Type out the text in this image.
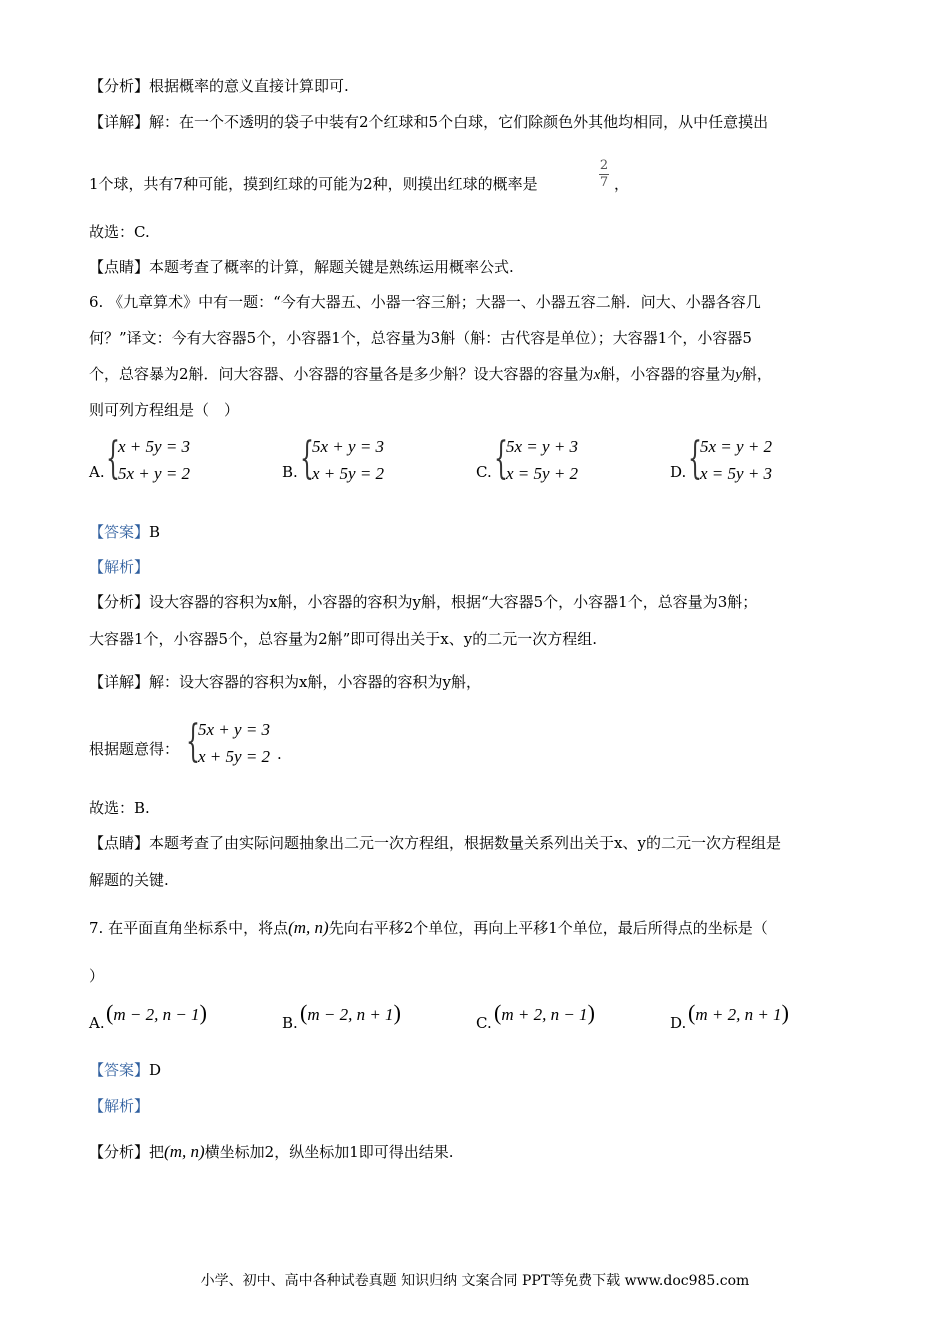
【分析】根据概率的意义直接计算即可.
【详解】解：在一个不透明的袋子中装有2个红球和5个白球，它们除颜色外其他均相同，从中任意摸出
1个球，共有7种可能，摸到红球的可能为2种，则摸出红球的概率是
2
7 ，
故选：C.
【点睛】本题考查了概率的计算，解题关键是熟练运用概率公式.
6. 《九章算术》中有一题：“今有大器五、小器一容三斛；大器一、小器五容二斛．问大、小器各容几
何？”译文：今有大容器5个，小容器1个，总容量为3斛（斛：古代容是单位）；大容器1个，小容器5
个，总容暴为2斛．问大容器、小容器的容量各是多少斛？设大容器的容量为x斛，小容器的容量为y斛，
则可列方程组是（　）
A. {
x + 5y = 3
5x + y = 2	B. {
5x + y = 3
x + 5y = 2	C. {
5x = y + 3
x = 5y + 2	D. {
5x = y + 2
x = 5y + 3
【答案】B
【解析】
【分析】设大容器的容积为x斛，小容器的容积为y斛，根据“大容器5个，小容器1个，总容量为3斛；
大容器1个，小容器5个，总容量为2斛”即可得出关于x、y的二元一次方程组.
【详解】解：设大容器的容积为x斛，小容器的容积为y斛，
根据题意得： {
5x + y = 3
x + 5y = 2 .
故选：B.
【点睛】本题考查了由实际问题抽象出二元一次方程组，根据数量关系列出关于x、y的二元一次方程组是
解题的关键.
7. 在平面直角坐标系中，将点(m, n)先向右平移2个单位，再向上平移1个单位，最后所得点的坐标是（
）
A. (m − 2, n − 1)	B. (m − 2, n + 1)	C. (m + 2, n − 1)	D. (m + 2, n + 1)
【答案】D
【解析】
【分析】把(m, n)横坐标加2，纵坐标加1即可得出结果.
小学、初中、高中各种试卷真题 知识归纳 文案合同 PPT等免费下载 www.doc985.com
